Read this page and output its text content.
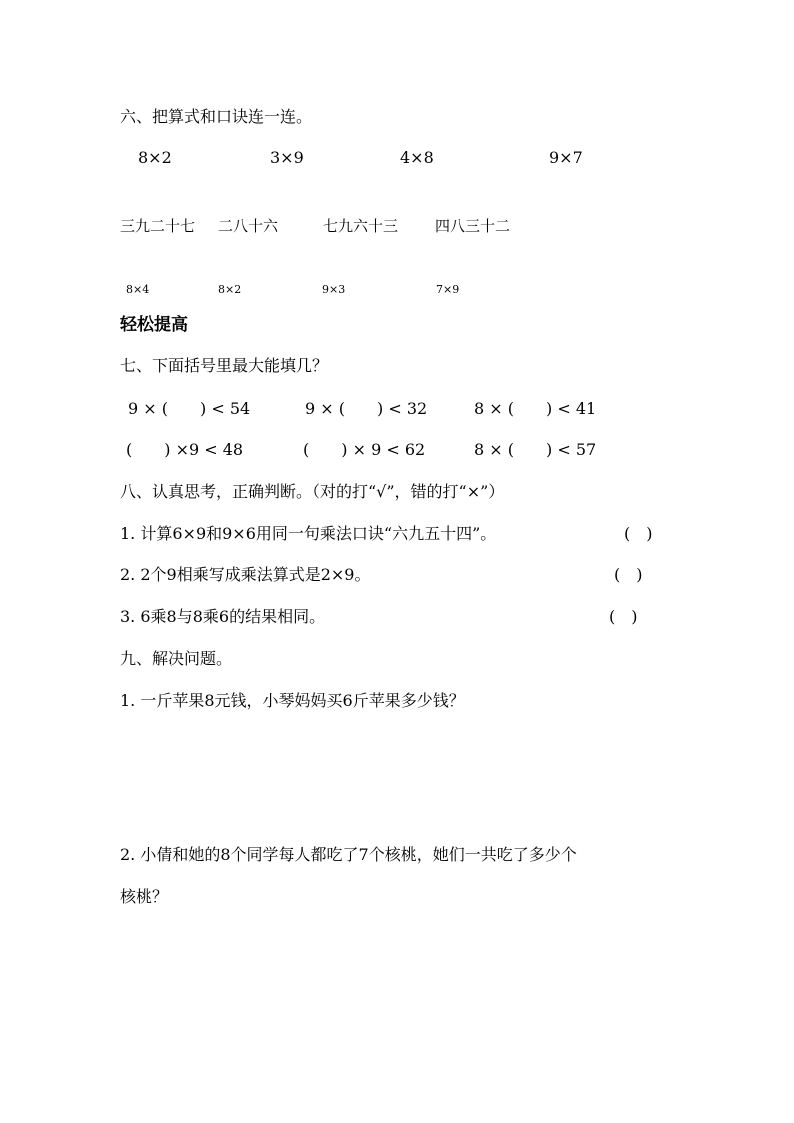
六、把算式和口诀连一连。
8×2	3×9	4×8	9×7
三九二十七 二八十六	七九六十三 四八三十二
8×4	8×2	9×3	7×9
轻松提高
七、下面括号里最大能填几？
9 × (　　) < 54	9 × (　　) < 32	8 × (　　) < 41
(　　) ×9 < 48	(　　) × 9 < 62	8 × (　　) < 57
八、认真思考，正确判断。（对的打“√”，错的打“×”）
1. 计算6×9和9×6用同一句乘法口诀“六九五十四”。	(　)
2. 2个9相乘写成乘法算式是2×9。	(　)
3. 6乘8与8乘6的结果相同。	(　)
九、解决问题。
1. 一斤苹果8元钱，小琴妈妈买6斤苹果多少钱？
2. 小倩和她的8个同学每人都吃了7个核桃，她们一共吃了多少个
核桃？
